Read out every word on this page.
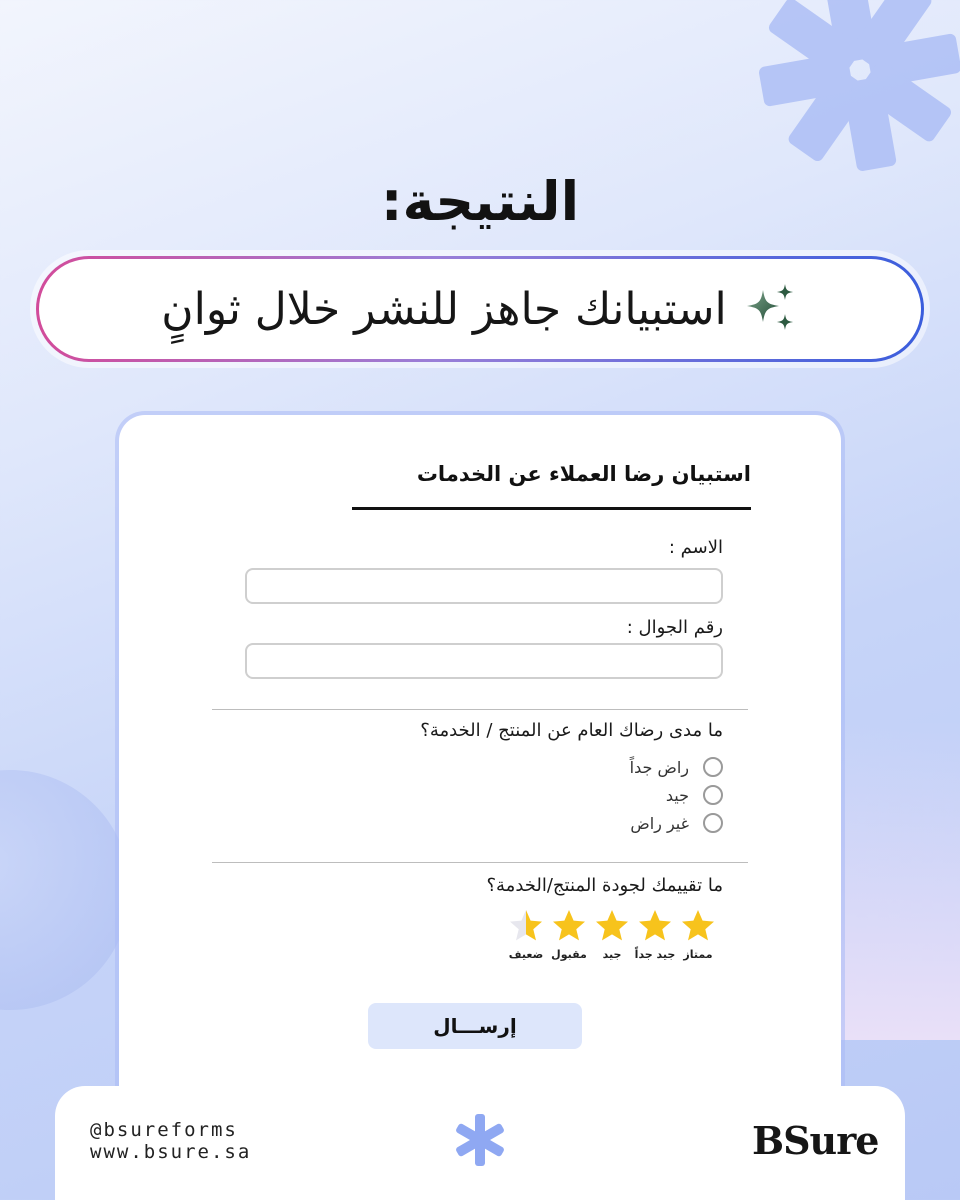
النتيجة:
استبيانك جاهز للنشر خلال ثوانٍ
استبيان رضا العملاء عن الخدمات
الاسم :
رقم الجوال :
ما مدى رضاك العام عن المنتج / الخدمة؟
راض جداً
جيد
غير راض
ما تقييمك لجودة المنتج/الخدمة؟
ممتاز
جيد جداً
جيد
مقبول
ضعيف
إرســـال
@bsureforms
www.bsure.sa	BSure
